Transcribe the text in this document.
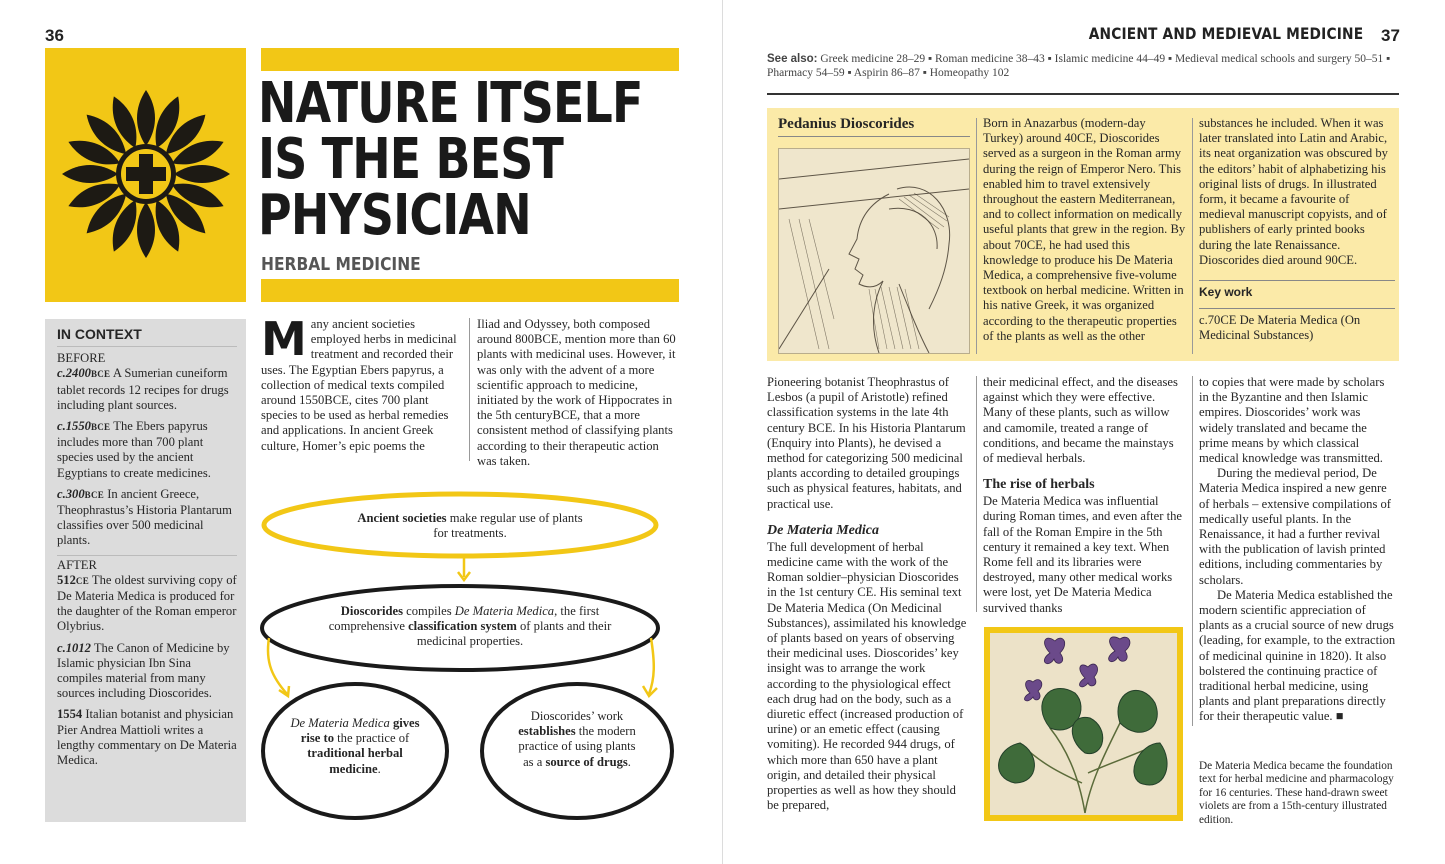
36
NATURE ITSELF
IS THE BEST
PHYSICIAN
HERBAL MEDICINE
IN CONTEXT
BEFORE
c.2400BCE A Sumerian cuneiform tablet records 12 recipes for drugs including plant sources.
c.1550BCE The Ebers papyrus includes more than 700 plant species used by the ancient Egyptians to create medicines.
c.300BCE In ancient Greece, Theophrastus’s Historia Plantarum classifies over 500 medicinal plants.
AFTER
512CE The oldest surviving copy of De Materia Medica is produced for the daughter of the Roman emperor Olybrius.
c.1012 The Canon of Medicine by Islamic physician Ibn Sina compiles material from many sources including Dioscorides.
1554 Italian botanist and physician Pier Andrea Mattioli writes a lengthy commentary on De Materia Medica.
M any ancient societies employed herbs in medicinal treatment and recorded their uses. The Egyptian Ebers papyrus, a collection of medical texts compiled around 1550BCE, cites 700 plant species to be used as herbal remedies and applications. In ancient Greek culture, Homer’s epic poems the
Iliad and Odyssey, both composed around 800BCE, mention more than 60 plants with medicinal uses. However, it was only with the advent of a more scientific approach to medicine, initiated by the work of Hippocrates in the 5th centuryBCE, that a more consistent method of classifying plants according to their therapeutic action was taken.
Ancient societies make regular use of plants for treatments.
Dioscorides compiles De Materia Medica, the first comprehensive classification system of plants and their medicinal properties.
De Materia Medica gives rise to the practice of traditional herbal medicine.
Dioscorides’ work establishes the modern practice of using plants as a source of drugs.
ANCIENT AND MEDIEVAL MEDICINE 37
See also: Greek medicine 28–29 ▪ Roman medicine 38–43 ▪ Islamic medicine 44–49 ▪ Medieval medical schools and surgery 50–51 ▪ Pharmacy 54–59 ▪ Aspirin 86–87 ▪ Homeopathy 102
Pedanius Dioscorides	Born in Anazarbus (modern-day Turkey) around 40CE, Dioscorides served as a surgeon in the Roman army during the reign of Emperor Nero. This enabled him to travel extensively throughout the eastern Mediterranean, and to collect information on medically useful plants that grew in the region. By about 70CE, he had used this knowledge to produce his De Materia Medica, a comprehensive five-volume textbook on herbal medicine. Written in his native Greek, it was organized according to the therapeutic properties of the plants as well as the other

substances he included. When it was later translated into Latin and Arabic, its neat organization was obscured by the editors’ habit of alphabetizing his original lists of drugs. In illustrated form, it became a favourite of medieval manuscript copyists, and of publishers of early printed books during the late Renaissance. Dioscorides died around 90CE.

Key work
c.70CE De Materia Medica (On Medicinal Substances)

Pioneering botanist Theophrastus of Lesbos (a pupil of Aristotle) refined classification systems in the late 4th century BCE. In his Historia Plantarum (Enquiry into Plants), he devised a method for categorizing 500 medicinal plants according to detailed groupings such as physical features, habitats, and practical use.

De Materia Medica

The full development of herbal medicine came with the work of the Roman soldier–physician Dioscorides in the 1st century CE. His seminal text De Materia Medica (On Medicinal Substances), assimilated his knowledge of plants based on years of observing their medicinal uses. Dioscorides’ key insight was to arrange the work according to the physiological effect each drug had on the body, such as a diuretic effect (increased production of urine) or an emetic effect (causing vomiting). He recorded 944 drugs, of which more than 650 have a plant origin, and detailed their physical properties as well as how they should be prepared,

their medicinal effect, and the diseases against which they were effective. Many of these plants, such as willow and camomile, treated a range of conditions, and became the mainstays of medieval herbals.

The rise of herbals

De Materia Medica was influential during Roman times, and even after the fall of the Roman Empire in the 5th century it remained a key text. When Rome fell and its libraries were destroyed, many other medical works were lost, yet De Materia Medica survived thanks

to copies that were made by scholars in the Byzantine and then Islamic empires. Dioscorides’ work was widely translated and became the prime means by which classical medical knowledge was transmitted.

During the medieval period, De Materia Medica inspired a new genre of herbals – extensive compilations of medically useful plants. In the Renaissance, it had a further revival with the publication of lavish printed editions, including commentaries by scholars.

De Materia Medica established the modern scientific appreciation of plants as a crucial source of new drugs (leading, for example, to the extraction of medicinal quinine in 1820). It also bolstered the continuing practice of traditional herbal medicine, using plants and plant preparations directly for their therapeutic value. ■

De Materia Medica became the foundation text for herbal medicine and pharmacology for 16 centuries. These hand-drawn sweet violets are from a 15th-century illustrated edition.
